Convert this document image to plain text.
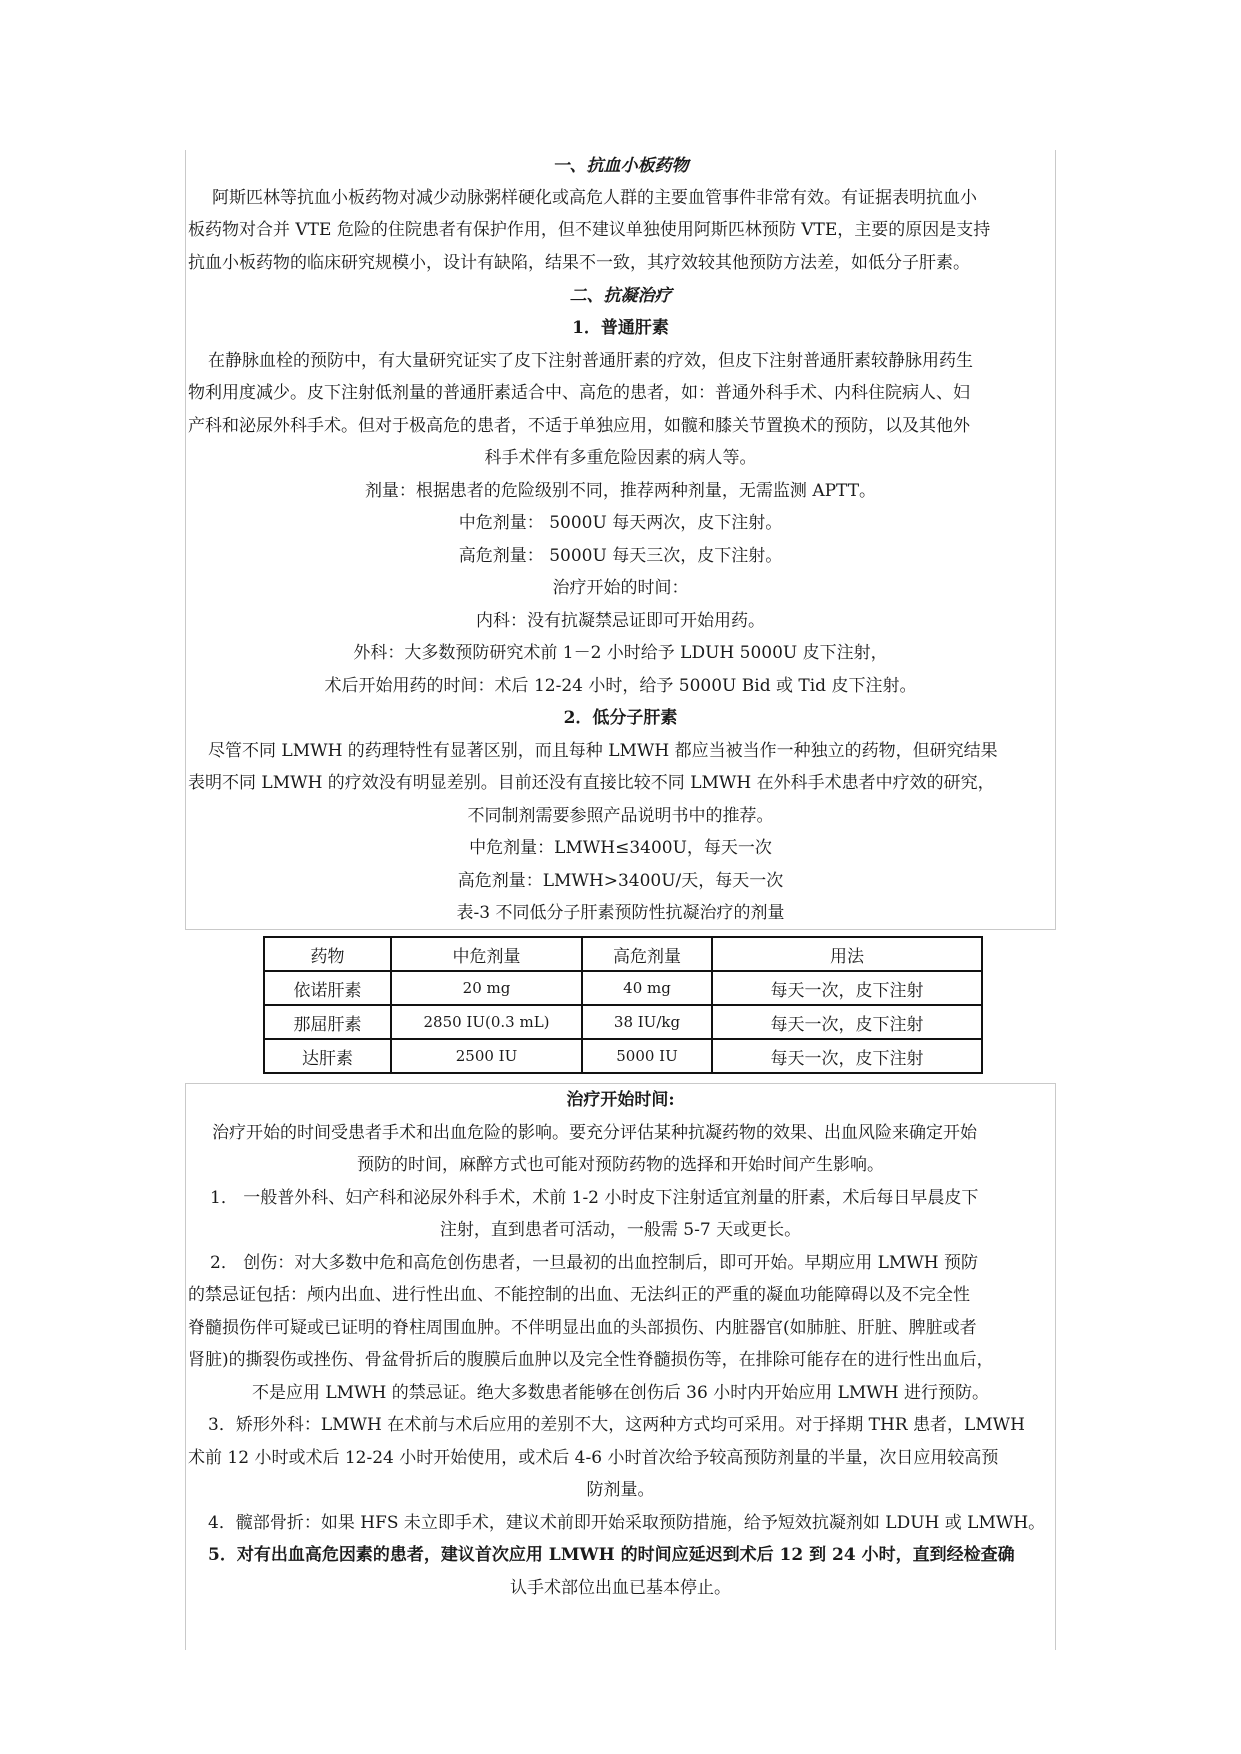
一、抗血小板药物
阿斯匹林等抗血小板药物对减少动脉粥样硬化或高危人群的主要血管事件非常有效。有证据表明抗血小
板药物对合并 VTE 危险的住院患者有保护作用，但不建议单独使用阿斯匹林预防 VTE，主要的原因是支持
抗血小板药物的临床研究规模小，设计有缺陷，结果不一致，其疗效较其他预防方法差，如低分子肝素。
二、抗凝治疗
1．普通肝素
在静脉血栓的预防中，有大量研究证实了皮下注射普通肝素的疗效，但皮下注射普通肝素较静脉用药生
物利用度减少。皮下注射低剂量的普通肝素适合中、高危的患者，如：普通外科手术、内科住院病人、妇
产科和泌尿外科手术。但对于极高危的患者，不适于单独应用，如髋和膝关节置换术的预防，以及其他外
科手术伴有多重危险因素的病人等。
剂量：根据患者的危险级别不同，推荐两种剂量，无需监测 APTT。
中危剂量： 5000U 每天两次，皮下注射。
高危剂量： 5000U 每天三次，皮下注射。
治疗开始的时间：
内科：没有抗凝禁忌证即可开始用药。
外科：大多数预防研究术前 1－2 小时给予 LDUH 5000U 皮下注射，
术后开始用药的时间：术后 12-24 小时，给予 5000U Bid 或 Tid 皮下注射。
2．低分子肝素
尽管不同 LMWH 的药理特性有显著区别，而且每种 LMWH 都应当被当作一种独立的药物，但研究结果
表明不同 LMWH 的疗效没有明显差别。目前还没有直接比较不同 LMWH 在外科手术患者中疗效的研究，
不同制剂需要参照产品说明书中的推荐。
中危剂量：LMWH≤3400U，每天一次
高危剂量：LMWH>3400U/天，每天一次
表-3 不同低分子肝素预防性抗凝治疗的剂量
药物	中危剂量	高危剂量	用法
依诺肝素	20 mg	40 mg	每天一次，皮下注射
那屈肝素	2850 IU(0.3 mL)	38 IU/kg	每天一次，皮下注射
达肝素	2500 IU	5000 IU	每天一次，皮下注射
治疗开始时间:
治疗开始的时间受患者手术和出血危险的影响。要充分评估某种抗凝药物的效果、出血风险来确定开始
预防的时间，麻醉方式也可能对预防药物的选择和开始时间产生影响。
1． 一般普外科、妇产科和泌尿外科手术，术前 1-2 小时皮下注射适宜剂量的肝素，术后每日早晨皮下
注射，直到患者可活动，一般需 5-7 天或更长。
2． 创伤：对大多数中危和高危创伤患者，一旦最初的出血控制后，即可开始。早期应用 LMWH 预防
的禁忌证包括：颅内出血、进行性出血、不能控制的出血、无法纠正的严重的凝血功能障碍以及不完全性
脊髓损伤伴可疑或已证明的脊柱周围血肿。不伴明显出血的头部损伤、内脏器官(如肺脏、肝脏、脾脏或者
肾脏)的撕裂伤或挫伤、骨盆骨折后的腹膜后血肿以及完全性脊髓损伤等，在排除可能存在的进行性出血后，
不是应用 LMWH 的禁忌证。绝大多数患者能够在创伤后 36 小时内开始应用 LMWH 进行预防。
3．矫形外科：LMWH 在术前与术后应用的差别不大，这两种方式均可采用。对于择期 THR 患者，LMWH
术前 12 小时或术后 12-24 小时开始使用，或术后 4-6 小时首次给予较高预防剂量的半量，次日应用较高预
防剂量。
4．髋部骨折：如果 HFS 未立即手术，建议术前即开始采取预防措施，给予短效抗凝剂如 LDUH 或 LMWH。
5．对有出血高危因素的患者，建议首次应用 LMWH 的时间应延迟到术后 12 到 24 小时，直到经检查确
认手术部位出血已基本停止。
